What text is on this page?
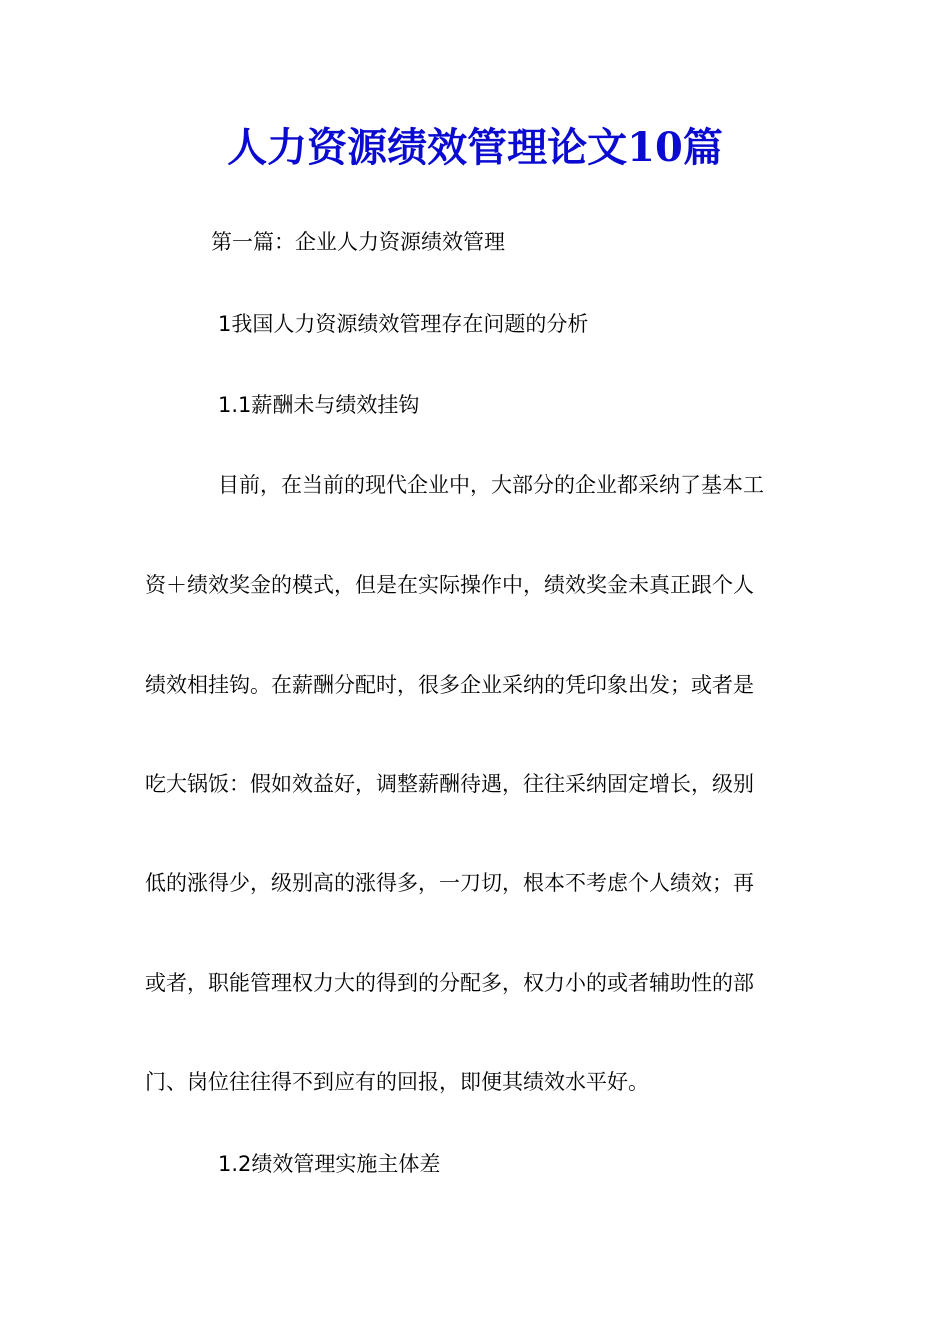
人力资源绩效管理论文10篇
第一篇：企业人力资源绩效管理
1我国人力资源绩效管理存在问题的分析
1.1薪酬未与绩效挂钩
目前，在当前的现代企业中，大部分的企业都采纳了基本工
资＋绩效奖金的模式，但是在实际操作中，绩效奖金未真正跟个人
绩效相挂钩。在薪酬分配时，很多企业采纳的凭印象出发；或者是
吃大锅饭：假如效益好，调整薪酬待遇，往往采纳固定增长，级别
低的涨得少，级别高的涨得多，一刀切，根本不考虑个人绩效；再
或者，职能管理权力大的得到的分配多，权力小的或者辅助性的部
门、岗位往往得不到应有的回报，即便其绩效水平好。
1.2绩效管理实施主体差
